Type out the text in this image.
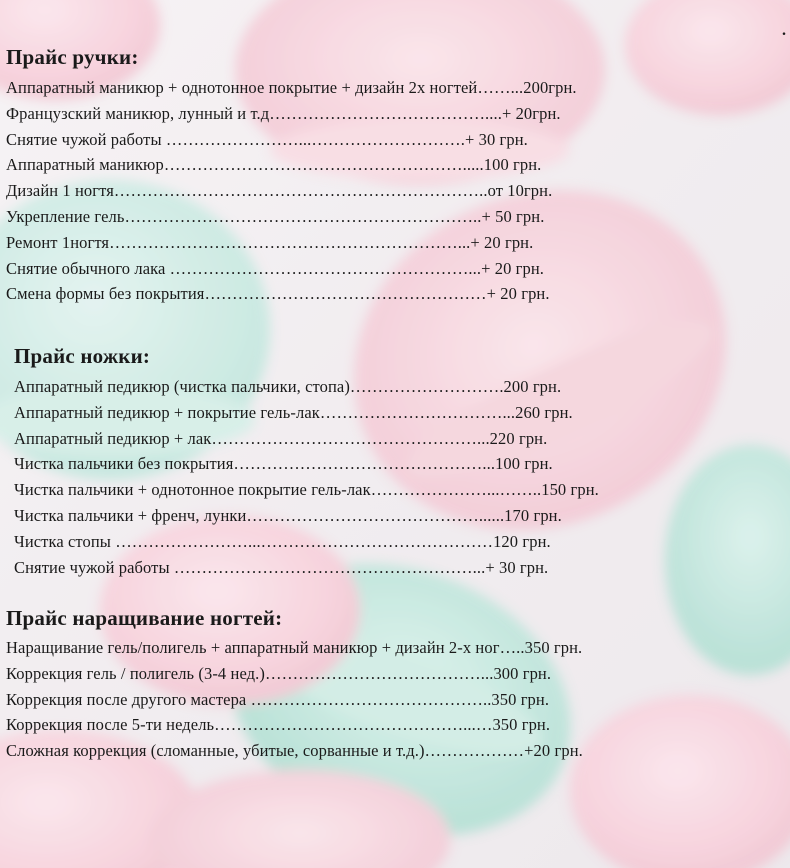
.
Прайс ручки:
Аппаратный маникюр + однотонное покрытие + дизайн 2х ногтей……...200грн.
Французский маникюр, лунный и т.д…………………………………....+ 20грн.
Снятие чужой работы ……………………...……………………….+ 30 грн.
Аппаратный маникюр……………………………………………….....100 грн.
Дизайн 1 ногтя…………………………………………………………..от 10грн.
Укрепление гель………………………………………………………..+ 50 грн.
Ремонт 1ногтя………………………………………………………...+ 20 грн.
Снятие обычного лака ………………………………………………...+ 20 грн.
Смена формы без покрытия……………………………………………+ 20 грн.
Прайс ножки:
Аппаратный педикюр (чистка пальчики, стопа)……………………….200 грн.
Аппаратный педикюр + покрытие гель-лак……………………………...260 грн.
Аппаратный педикюр + лак…………………………………………...220 грн.
Чистка пальчики без покрытия………………………………………...100 грн.
Чистка пальчики + однотонное покрытие гель-лак…………………...……..150 грн.
Чистка пальчики + френч, лунки……………………………………......170 грн.
Чистка стопы ……………………...……………………………………120 грн.
Снятие чужой работы ………………………………………………...+ 30 грн.
Прайс наращивание ногтей:
Наращивание гель/полигель + аппаратный маникюр + дизайн 2-х ног…..350 грн.
Коррекция гель / полигель (3-4 нед.)…………………………………...300 грн.
Коррекция после другого мастера ……………………………………..350 грн.
Коррекция после 5-ти недель………………………………………...…350 грн.
Сложная коррекция (сломанные, убитые, сорванные и т.д.)………………+20 грн.
